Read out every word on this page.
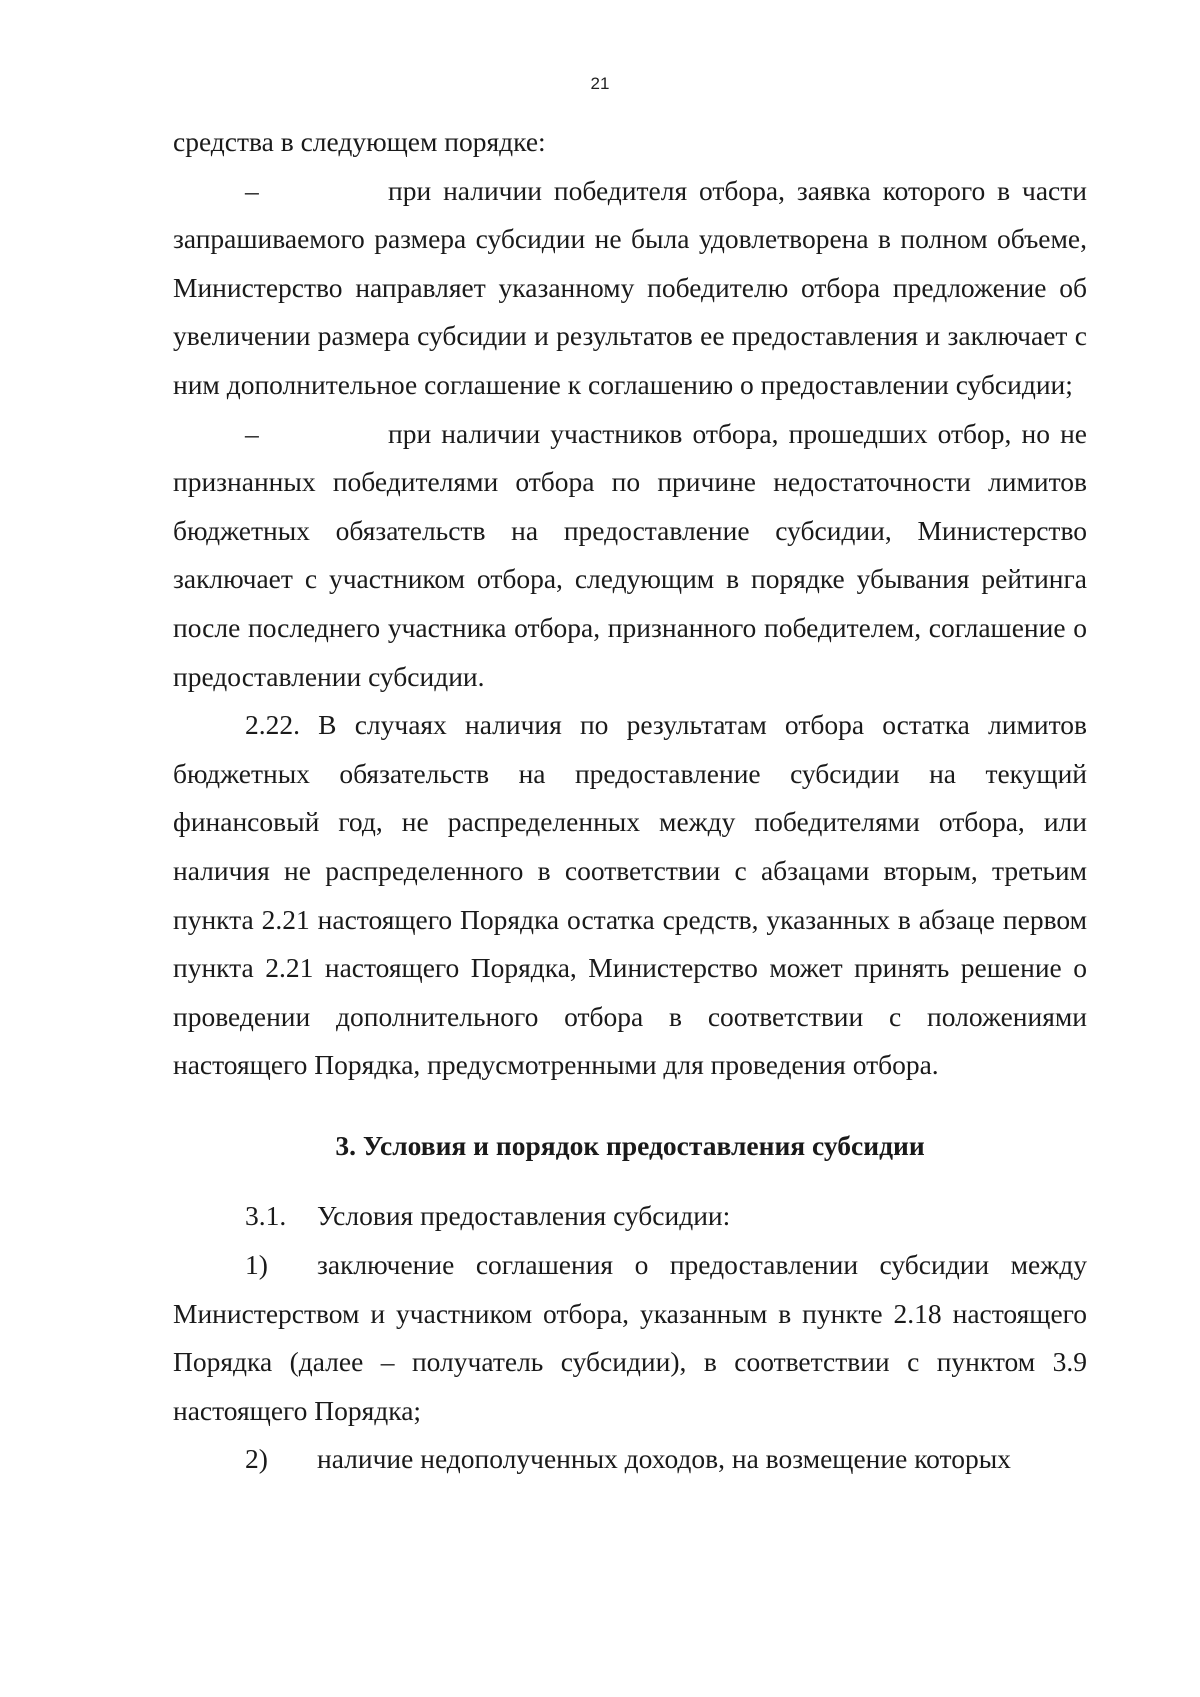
21

средства в следующем порядке:

–	при наличии победителя отбора, заявка которого в части запрашиваемого размера субсидии не была удовлетворена в полном объеме, Министерство направляет указанному победителю отбора предложение об увеличении размера субсидии и результатов ее предоставления и заключает с ним дополнительное соглашение к соглашению о предоставлении субсидии;

–	при наличии участников отбора, прошедших отбор, но не признанных победителями отбора по причине недостаточности лимитов бюджетных обязательств на предоставление субсидии, Министерство заключает с участником отбора, следующим в порядке убывания рейтинга после последнего участника отбора, признанного победителем, соглашение о предоставлении субсидии.

2.22. В случаях наличия по результатам отбора остатка лимитов бюджетных обязательств на предоставление субсидии на текущий финансовый год, не распределенных между победителями отбора, или наличия не распределенного в соответствии с абзацами вторым, третьим пункта 2.21 настоящего Порядка остатка средств, указанных в абзаце первом пункта 2.21 настоящего Порядка, Министерство может принять решение о проведении дополнительного отбора в соответствии с положениями настоящего Порядка, предусмотренными для проведения отбора.

3. Условия и порядок предоставления субсидии

3.1. Условия предоставления субсидии:

1) заключение соглашения о предоставлении субсидии между Министерством и участником отбора, указанным в пункте 2.18 настоящего Порядка (далее – получатель субсидии), в соответствии с пунктом 3.9 настоящего Порядка;

2) наличие недополученных доходов, на возмещение которых
